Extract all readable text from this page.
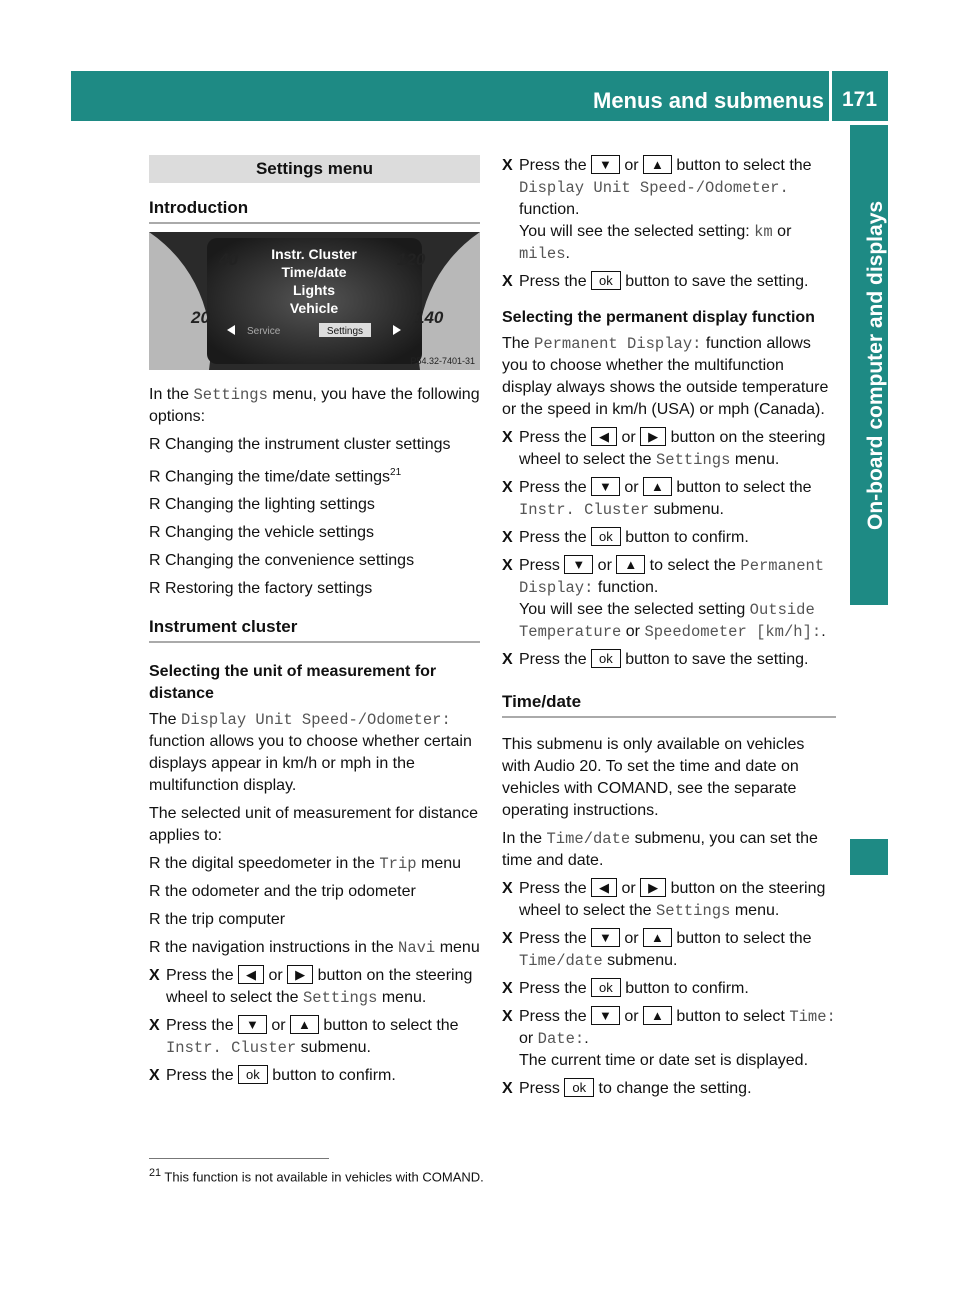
Menus and submenus 171
On-board computer and displays
Settings menu
Introduction
40
20
120
140
Instr. Cluster
Time/date
Lights
Vehicle
Service	Settings
P54.32-7401-31

In the Settings menu, you have the following options:

R Changing the instrument cluster settings
R Changing the time/date settings$^{21}$
R Changing the lighting settings
R Changing the vehicle settings
R Changing the convenience settings
R Restoring the factory settings
Instrument cluster
Selecting the unit of measurement for distance

The Display Unit Speed-/Odometer: function allows you to choose whether certain displays appear in km/h or mph in the multifunction display.

The selected unit of measurement for distance applies to:

R the digital speedometer in the Trip menu
R the odometer and the trip odometer
R the trip computer
R the navigation instructions in the Navi menu
X Press the ◀ or ▶ button on the steering wheel to select the Settings menu.
X Press the ▼ or ▲ button to select the Instr. Cluster submenu.
X Press the ok button to confirm.
X Press the ▼ or ▲ button to select the Display Unit Speed-/Odometer. function.
You will see the selected setting: km or miles.
X Press the ok button to save the setting.
Selecting the permanent display function

The Permanent Display: function allows you to choose whether the multifunction display always shows the outside temperature or the speed in km/h (USA) or mph (Canada).

X Press the ◀ or ▶ button on the steering wheel to select the Settings menu.
X Press the ▼ or ▲ button to select the Instr. Cluster submenu.
X Press the ok button to confirm.
X Press ▼ or ▲ to select the Permanent Display: function.
You will see the selected setting Outside Temperature or Speedometer [km/h]:.
X Press the ok button to save the setting.
Time/date

This submenu is only available on vehicles with Audio 20. To set the time and date on vehicles with COMAND, see the separate operating instructions.

In the Time/date submenu, you can set the time and date.

X Press the ◀ or ▶ button on the steering wheel to select the Settings menu.
X Press the ▼ or ▲ button to select the Time/date submenu.
X Press the ok button to confirm.
X Press the ▼ or ▲ button to select Time: or Date:.
The current time or date set is displayed.
X Press ok to change the setting.
$^{21}$ This function is not available in vehicles with COMAND.
